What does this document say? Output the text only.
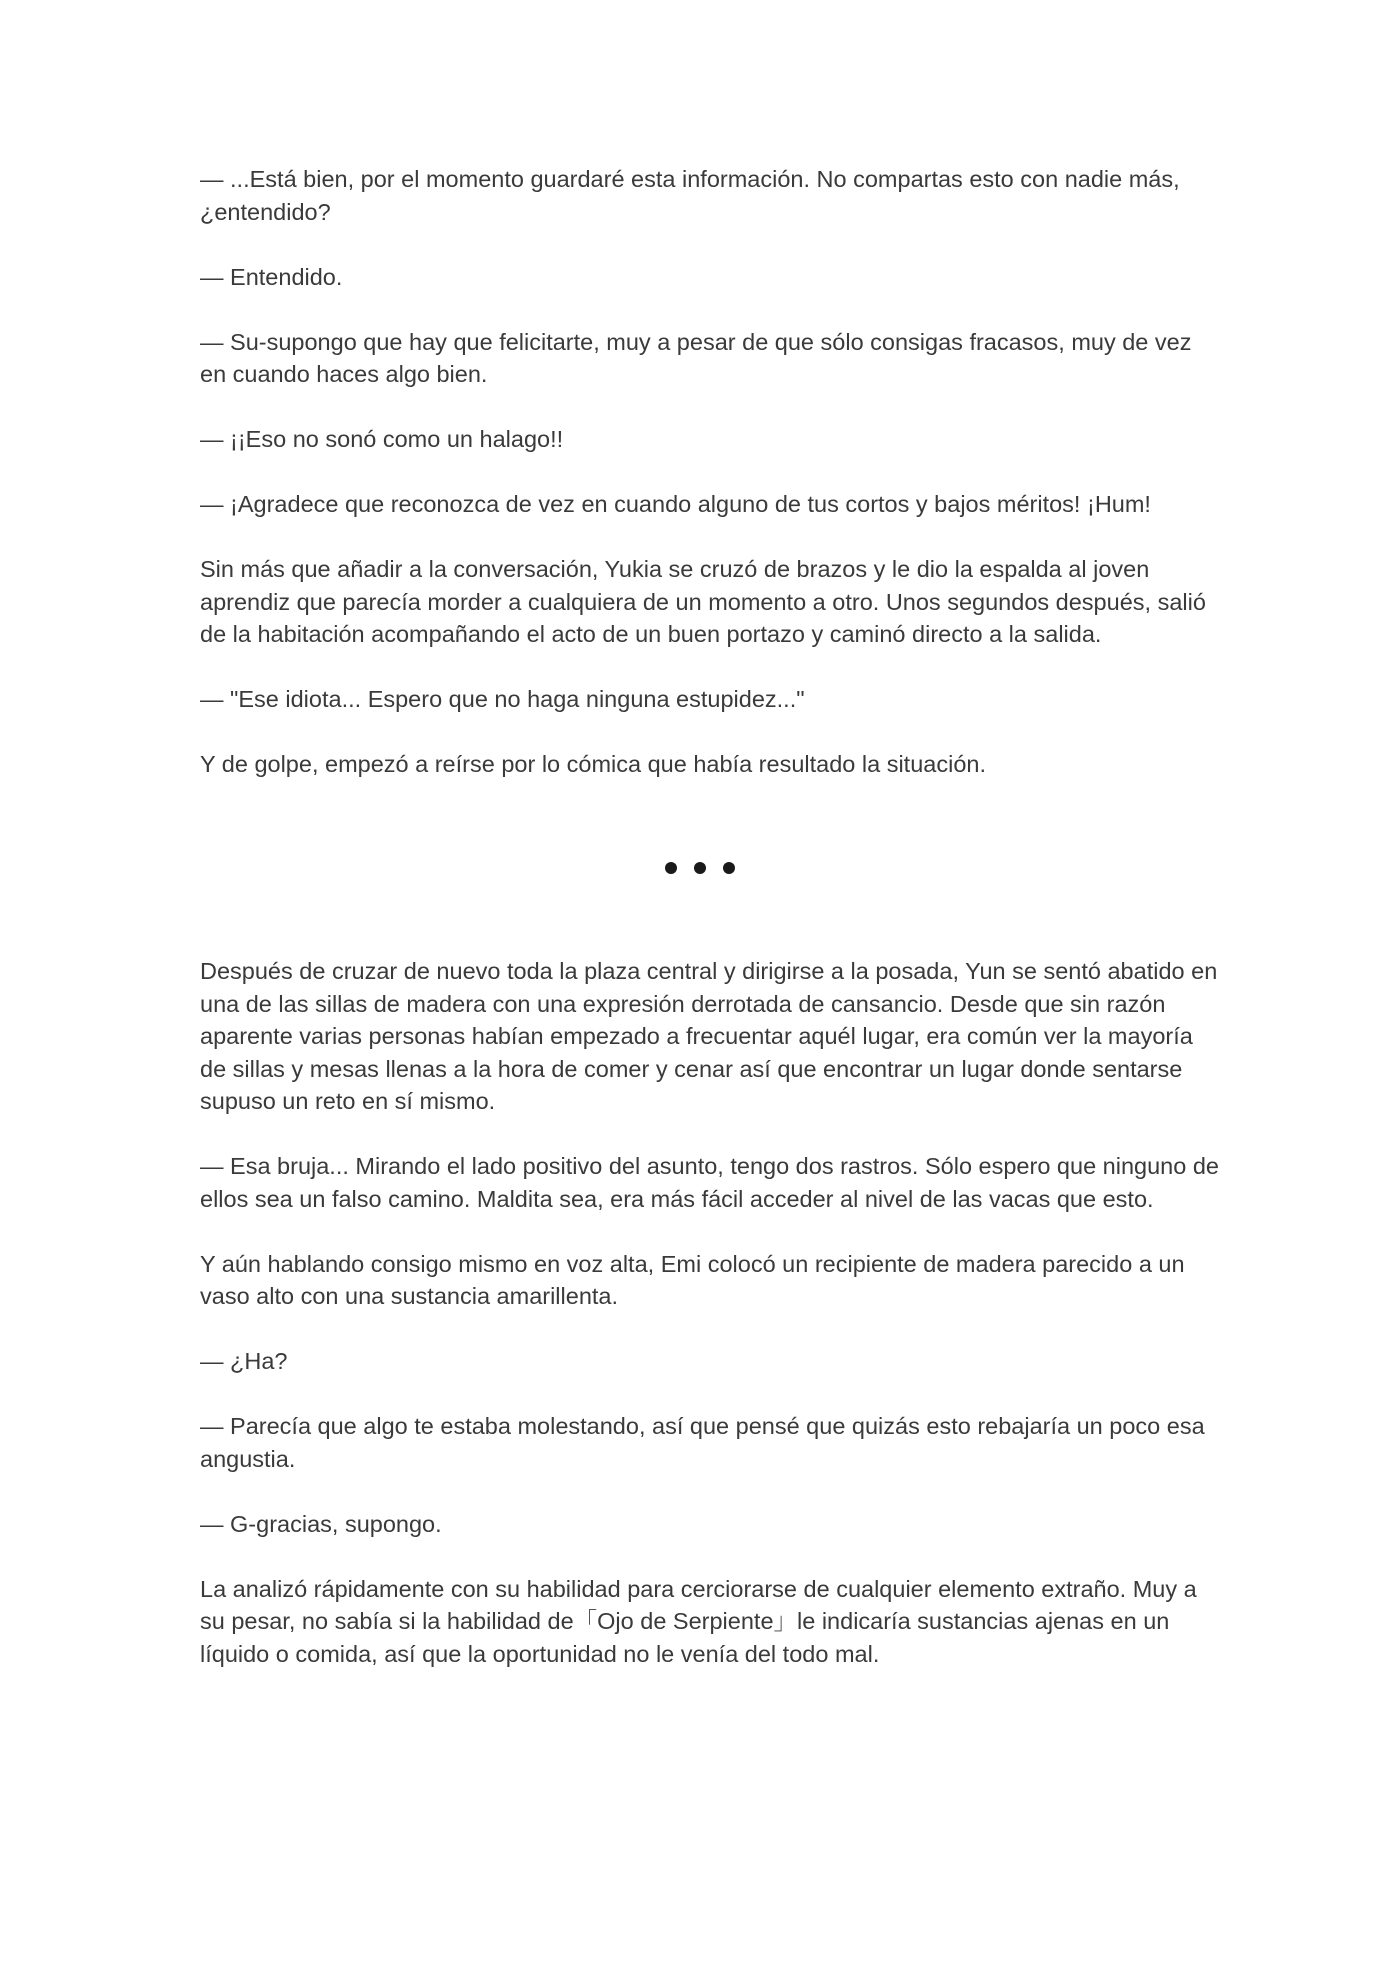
— ...Está bien, por el momento guardaré esta información. No compartas esto con nadie más, ¿entendido?

— Entendido.

— Su-supongo que hay que felicitarte, muy a pesar de que sólo consigas fracasos, muy de vez en cuando haces algo bien.

— ¡¡Eso no sonó como un halago!!

— ¡Agradece que reconozca de vez en cuando alguno de tus cortos y bajos méritos! ¡Hum!

Sin más que añadir a la conversación, Yukia se cruzó de brazos y le dio la espalda al joven aprendiz que parecía morder a cualquiera de un momento a otro. Unos segundos después, salió de la habitación acompañando el acto de un buen portazo y caminó directo a la salida.

— "Ese idiota... Espero que no haga ninguna estupidez..."

Y de golpe, empezó a reírse por lo cómica que había resultado la situación.

Después de cruzar de nuevo toda la plaza central y dirigirse a la posada, Yun se sentó abatido en una de las sillas de madera con una expresión derrotada de cansancio. Desde que sin razón aparente varias personas habían empezado a frecuentar aquél lugar, era común ver la mayoría de sillas y mesas llenas a la hora de comer y cenar así que encontrar un lugar donde sentarse supuso un reto en sí mismo.

— Esa bruja... Mirando el lado positivo del asunto, tengo dos rastros. Sólo espero que ninguno de ellos sea un falso camino. Maldita sea, era más fácil acceder al nivel de las vacas que esto.

Y aún hablando consigo mismo en voz alta, Emi colocó un recipiente de madera parecido a un vaso alto con una sustancia amarillenta.

— ¿Ha?

— Parecía que algo te estaba molestando, así que pensé que quizás esto rebajaría un poco esa angustia.

— G-gracias, supongo.

La analizó rápidamente con su habilidad para cerciorarse de cualquier elemento extraño. Muy a su pesar, no sabía si la habilidad de「Ojo de Serpiente」le indicaría sustancias ajenas en un líquido o comida, así que la oportunidad no le venía del todo mal.
